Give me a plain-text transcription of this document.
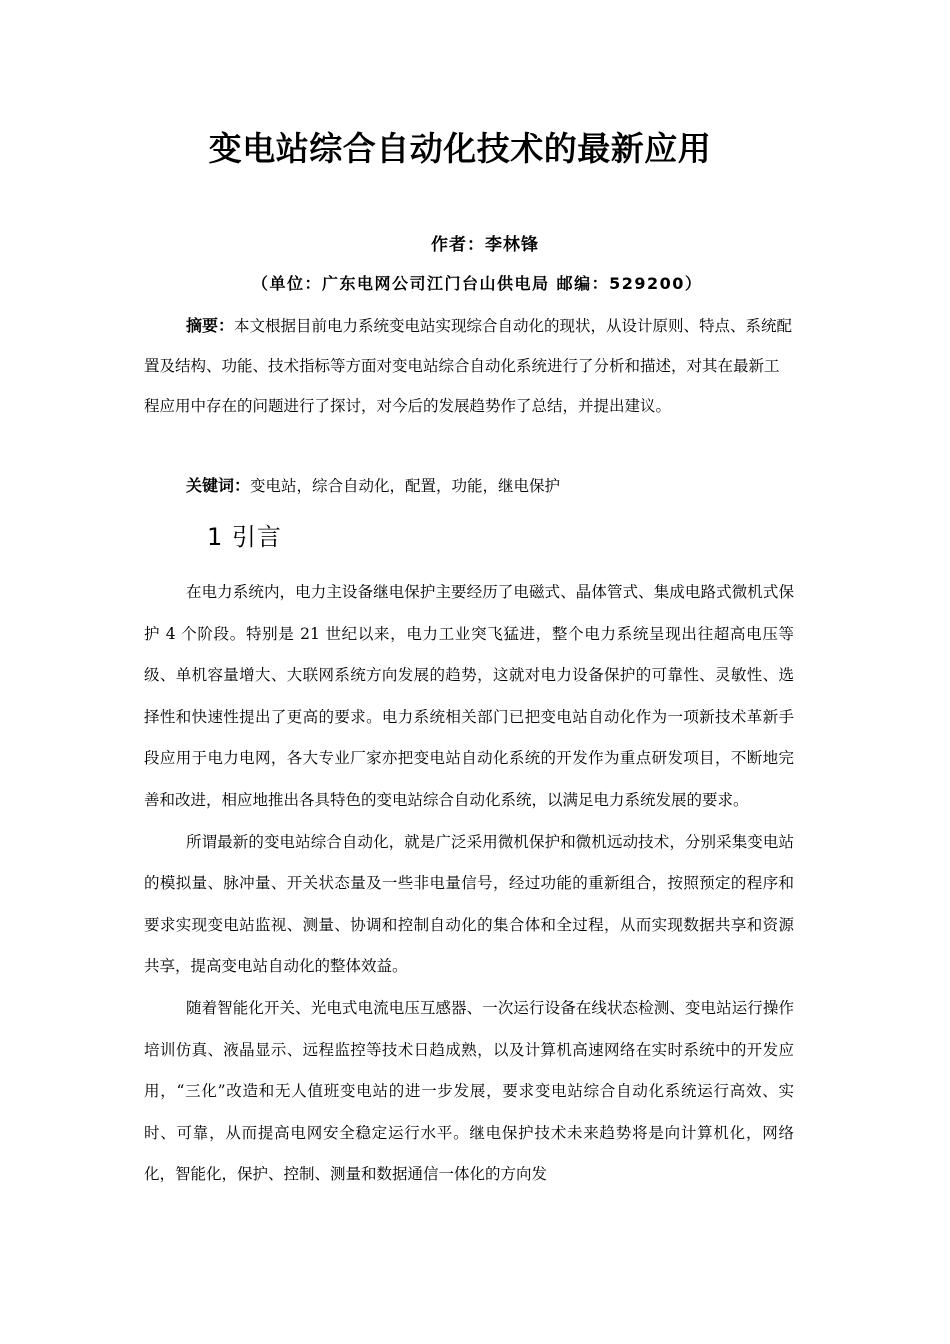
变电站综合自动化技术的最新应用
作者：李林锋
（单位：广东电网公司江门台山供电局 邮编：529200）

摘要：本文根据目前电力系统变电站实现综合自动化的现状，从设计原则、特点、系统配置及结构、功能、技术指标等方面对变电站综合自动化系统进行了分析和描述，对其在最新工程应用中存在的问题进行了探讨，对今后的发展趋势作了总结，并提出建议。

关键词：变电站，综合自动化，配置，功能，继电保护

1 引言

在电力系统内，电力主设备继电保护主要经历了电磁式、晶体管式、集成电路式微机式保护 4 个阶段。特别是 21 世纪以来，电力工业突飞猛进，整个电力系统呈现出往超高电压等级、单机容量增大、大联网系统方向发展的趋势，这就对电力设备保护的可靠性、灵敏性、选择性和快速性提出了更高的要求。电力系统相关部门已把变电站自动化作为一项新技术革新手段应用于电力电网，各大专业厂家亦把变电站自动化系统的开发作为重点研发项目，不断地完善和改进，相应地推出各具特色的变电站综合自动化系统，以满足电力系统发展的要求。

所谓最新的变电站综合自动化，就是广泛采用微机保护和微机远动技术，分别采集变电站的模拟量、脉冲量、开关状态量及一些非电量信号，经过功能的重新组合，按照预定的程序和要求实现变电站监视、测量、协调和控制自动化的集合体和全过程，从而实现数据共享和资源共享，提高变电站自动化的整体效益。

随着智能化开关、光电式电流电压互感器、一次运行设备在线状态检测、变电站运行操作培训仿真、液晶显示、远程监控等技术日趋成熟，以及计算机高速网络在实时系统中的开发应用，“三化”改造和无人值班变电站的进一步发展，要求变电站综合自动化系统运行高效、实时、可靠，从而提高电网安全稳定运行水平。继电保护技术未来趋势将是向计算机化，网络化，智能化，保护、控制、测量和数据通信一体化的方向发
